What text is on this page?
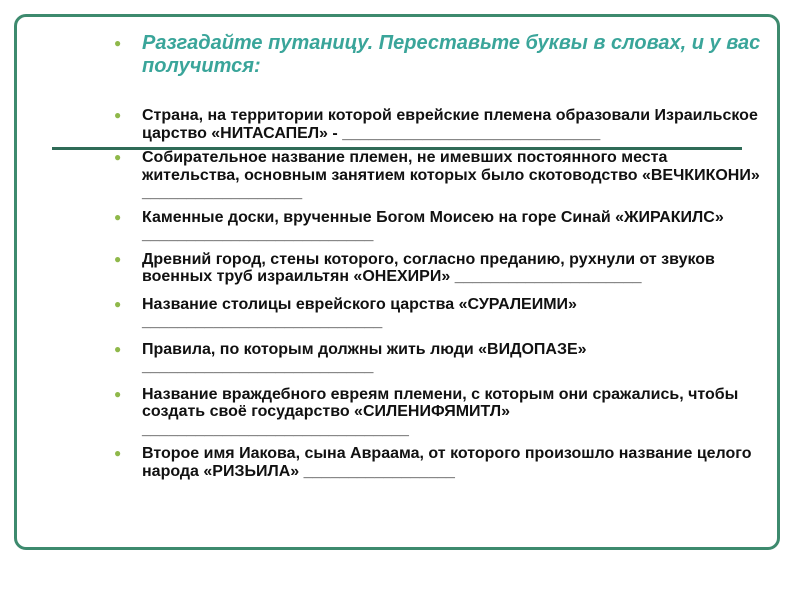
● Разгадайте путаницу. Переставьте буквы в словах, и у вас получится:
● Страна, на территории которой еврейские племена образовали Израильское царство «НИТАСАПЕЛ» - _____________________________
● Собирательное название племен, не имевших постоянного места жительства, основным занятием которых было скотоводство «ВЕЧКИКОНИ» __________________
● Каменные доски, врученные Богом Моисею на горе Синай «ЖИРАКИЛС» __________________________
● Древний город, стены которого, согласно преданию, рухнули от звуков военных труб израильтян «ОНЕХИРИ» _____________________
● Название столицы еврейского царства «СУРАЛЕИМИ» ___________________________
● Правила, по которым должны жить люди «ВИДОПАЗЕ» __________________________
● Название враждебного евреям племени, с которым они сражались, чтобы создать своё государство «СИЛЕНИФЯМИТЛ» ______________________________
● Второе имя Иакова, сына Авраама, от которого произошло название целого народа «РИЗЬИЛА» _________________
